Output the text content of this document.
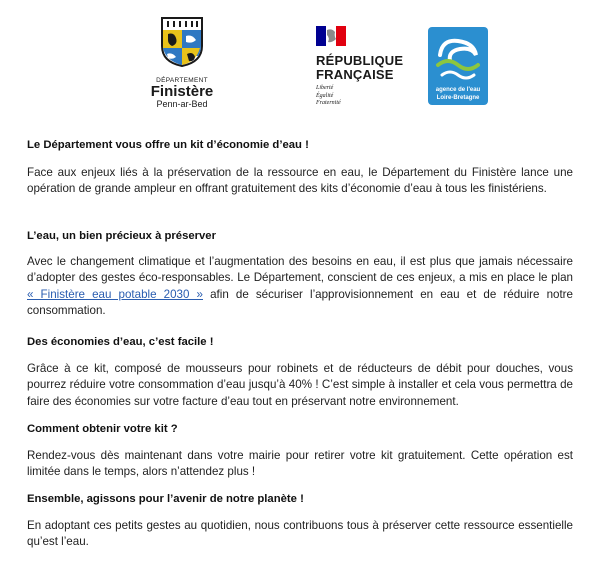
DÉPARTEMENT
Finistère
Penn-ar-Bed
RÉPUBLIQUE
FRANÇAISE
Liberté
Égalité
Fraternité
agence de l'eau
Loire-Bretagne
Le Département vous offre un kit d’économie d’eau !

Face aux enjeux liés à la préservation de la ressource en eau, le Département du Finistère lance une opération de grande ampleur en offrant gratuitement des kits d’économie d’eau à tous les finistériens.

L’eau, un bien précieux à préserver

Avec le changement climatique et l’augmentation des besoins en eau, il est plus que jamais nécessaire d’adopter des gestes éco-responsables. Le Département, conscient de ces enjeux, a mis en place le plan « Finistère eau potable 2030 » afin de sécuriser l’approvisionnement en eau et de réduire notre consommation.

Des économies d’eau, c’est facile !

Grâce à ce kit, composé de mousseurs pour robinets et de réducteurs de débit pour douches, vous pourrez réduire votre consommation d’eau jusqu’à 40% ! C’est simple à installer et cela vous permettra de faire des économies sur votre facture d’eau tout en préservant notre environnement.

Comment obtenir votre kit ?

Rendez-vous dès maintenant dans votre mairie pour retirer votre kit gratuitement. Cette opération est limitée dans le temps, alors n’attendez plus !

Ensemble, agissons pour l’avenir de notre planète !

En adoptant ces petits gestes au quotidien, nous contribuons tous à préserver cette ressource essentielle qu’est l’eau.
